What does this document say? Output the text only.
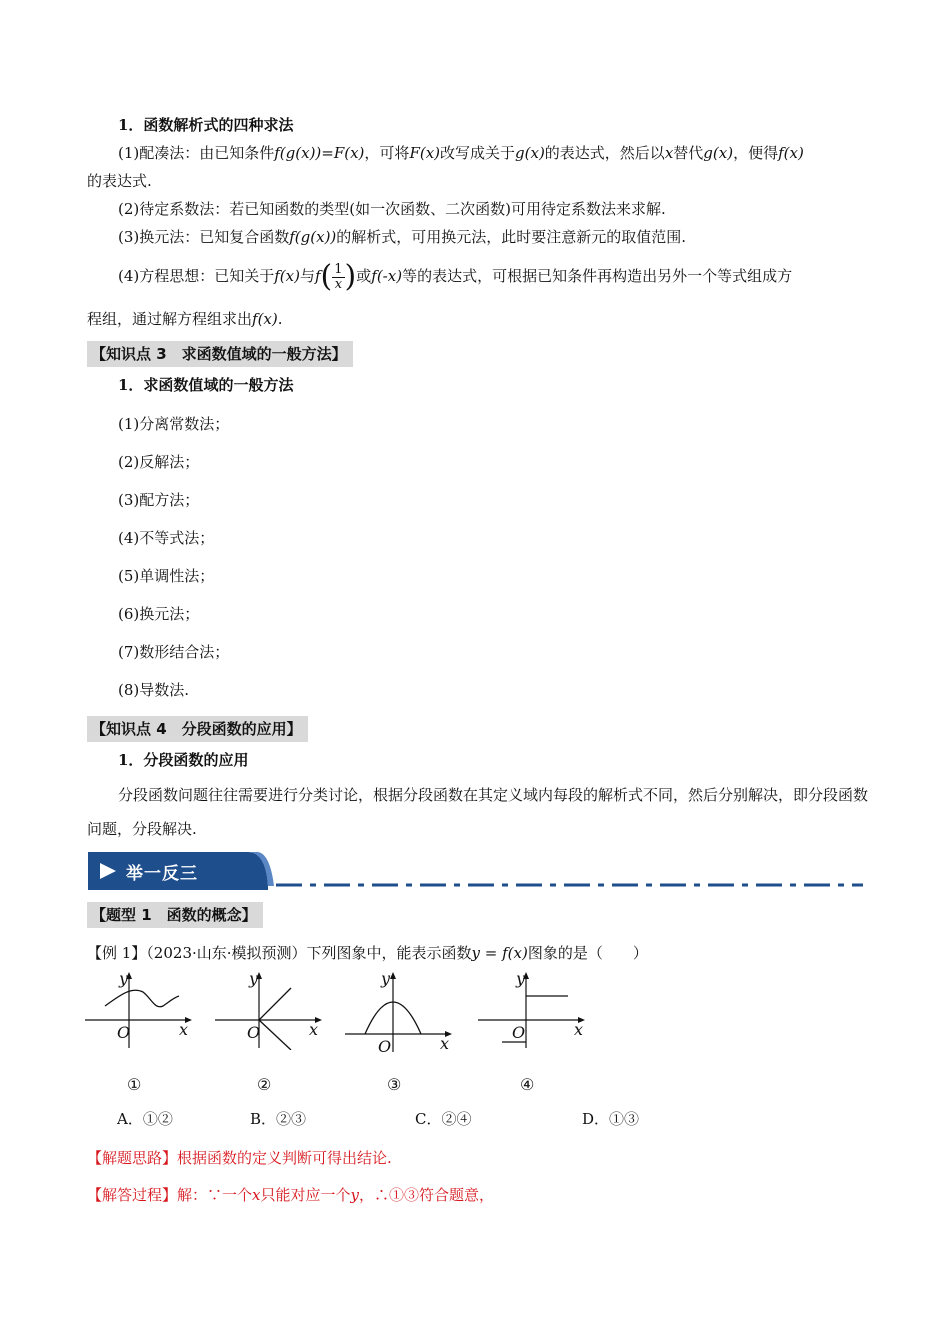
1．函数解析式的四种求法
(1)配凑法：由已知条件f(g(x))=F(x)，可将F(x)改写成关于g(x)的表达式，然后以x替代g(x)，便得f(x)
的表达式.
(2)待定系数法：若已知函数的类型(如一次函数、二次函数)可用待定系数法来求解.
(3)换元法：已知复合函数f(g(x))的解析式，可用换元法，此时要注意新元的取值范围.
(4)方程思想：已知关于f(x)与$f( \frac{1}{x}$ )或f(-x)等的表达式，可根据已知条件再构造出另外一个等式组成方
程组，通过解方程组求出f(x).
【知识点 3　求函数值域的一般方法】
1．求函数值域的一般方法
(1)分离常数法；
(2)反解法；
(3)配方法；
(4)不等式法；
(5)单调性法；
(6)换元法；
(7)数形结合法；
(8)导数法.
【知识点 4　分段函数的应用】
1．分段函数的应用
分段函数问题往往需要进行分类讨论，根据分段函数在其定义域内每段的解析式不同，然后分别解决，即分段函数问题，分段解决.
举一反三
【题型 1　函数的概念】
【例 1】（2023·山东·模拟预测）下列图象中，能表示函数y = f(x)图象的是（　　）
y
x
O
①
y
x
O
②
y
x
O
③
y
x
O
④
A．①②	B．②③	C．②④	D．①③
【解题思路】根据函数的定义判断可得出结论.
【解答过程】解：∵一个x只能对应一个y，∴①③符合题意，
